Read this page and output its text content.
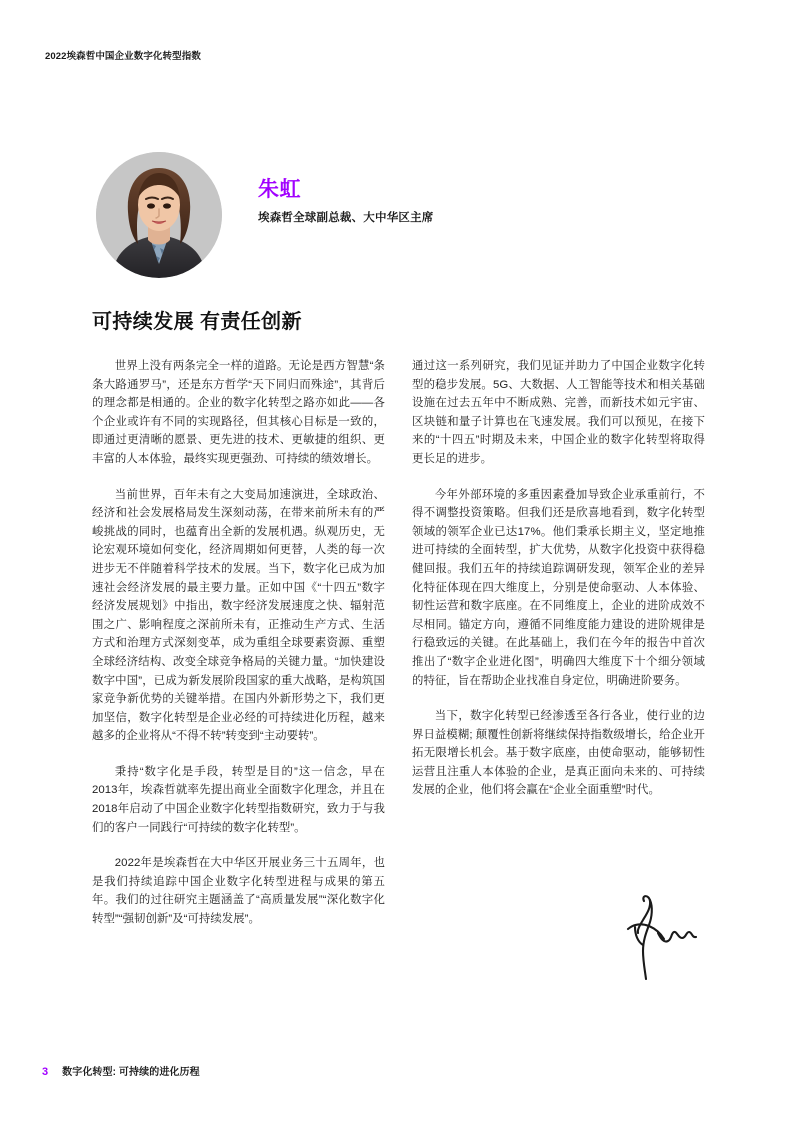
2022埃森哲中国企业数字化转型指数
朱虹
埃森哲全球副总裁、大中华区主席
可持续发展 有责任创新

世界上没有两条完全一样的道路。无论是西方智慧“条条大路通罗马”，还是东方哲学“天下同归而殊途”，其背后的理念都是相通的。企业的数字化转型之路亦如此——各个企业或许有不同的实现路径，但其核心目标是一致的，即通过更清晰的愿景、更先进的技术、更敏捷的组织、更丰富的人本体验，最终实现更强劲、可持续的绩效增长。

当前世界，百年未有之大变局加速演进，全球政治、经济和社会发展格局发生深刻动荡，在带来前所未有的严峻挑战的同时，也蕴育出全新的发展机遇。纵观历史，无论宏观环境如何变化，经济周期如何更替，人类的每一次进步无不伴随着科学技术的发展。当下，数字化已成为加速社会经济发展的最主要力量。正如中国《“十四五”数字经济发展规划》中指出，数字经济发展速度之快、辐射范围之广、影响程度之深前所未有，正推动生产方式、生活方式和治理方式深刻变革，成为重组全球要素资源、重塑全球经济结构、改变全球竞争格局的关键力量。“加快建设数字中国”，已成为新发展阶段国家的重大战略，是构筑国家竞争新优势的关键举措。在国内外新形势之下，我们更加坚信，数字化转型是企业必经的可持续进化历程，越来越多的企业将从“不得不转”转变到“主动要转”。

秉持“数字化是手段，转型是目的”这一信念，早在2013年，埃森哲就率先提出商业全面数字化理念，并且在2018年启动了中国企业数字化转型指数研究，致力于与我们的客户一同践行“可持续的数字化转型”。

2022年是埃森哲在大中华区开展业务三十五周年，也是我们持续追踪中国企业数字化转型进程与成果的第五年。我们的过往研究主题涵盖了“高质量发展”“深化数字化转型”“强韧创新”及“可持续发展”。

通过这一系列研究，我们见证并助力了中国企业数字化转型的稳步发展。5G、大数据、人工智能等技术和相关基础设施在过去五年中不断成熟、完善，而新技术如元宇宙、区块链和量子计算也在飞速发展。我们可以预见，在接下来的“十四五”时期及未来，中国企业的数字化转型将取得更长足的进步。

今年外部环境的多重因素叠加导致企业承重前行，不得不调整投资策略。但我们还是欣喜地看到，数字化转型领域的领军企业已达17%。他们秉承长期主义，坚定地推进可持续的全面转型，扩大优势，从数字化投资中获得稳健回报。我们五年的持续追踪调研发现，领军企业的差异化特征体现在四大维度上，分别是使命驱动、人本体验、韧性运营和数字底座。在不同维度上，企业的进阶成效不尽相同。锚定方向，遵循不同维度能力建设的进阶规律是行稳致远的关键。在此基础上，我们在今年的报告中首次推出了“数字企业进化图”，明确四大维度下十个细分领域的特征，旨在帮助企业找准自身定位，明确进阶要务。

当下，数字化转型已经渗透至各行各业，使行业的边界日益模糊; 颠覆性创新将继续保持指数级增长，给企业开拓无限增长机会。基于数字底座，由使命驱动，能够韧性运营且注重人本体验的企业，是真正面向未来的、可持续发展的企业，他们将会赢在“企业全面重塑”时代。

3 数字化转型: 可持续的进化历程
